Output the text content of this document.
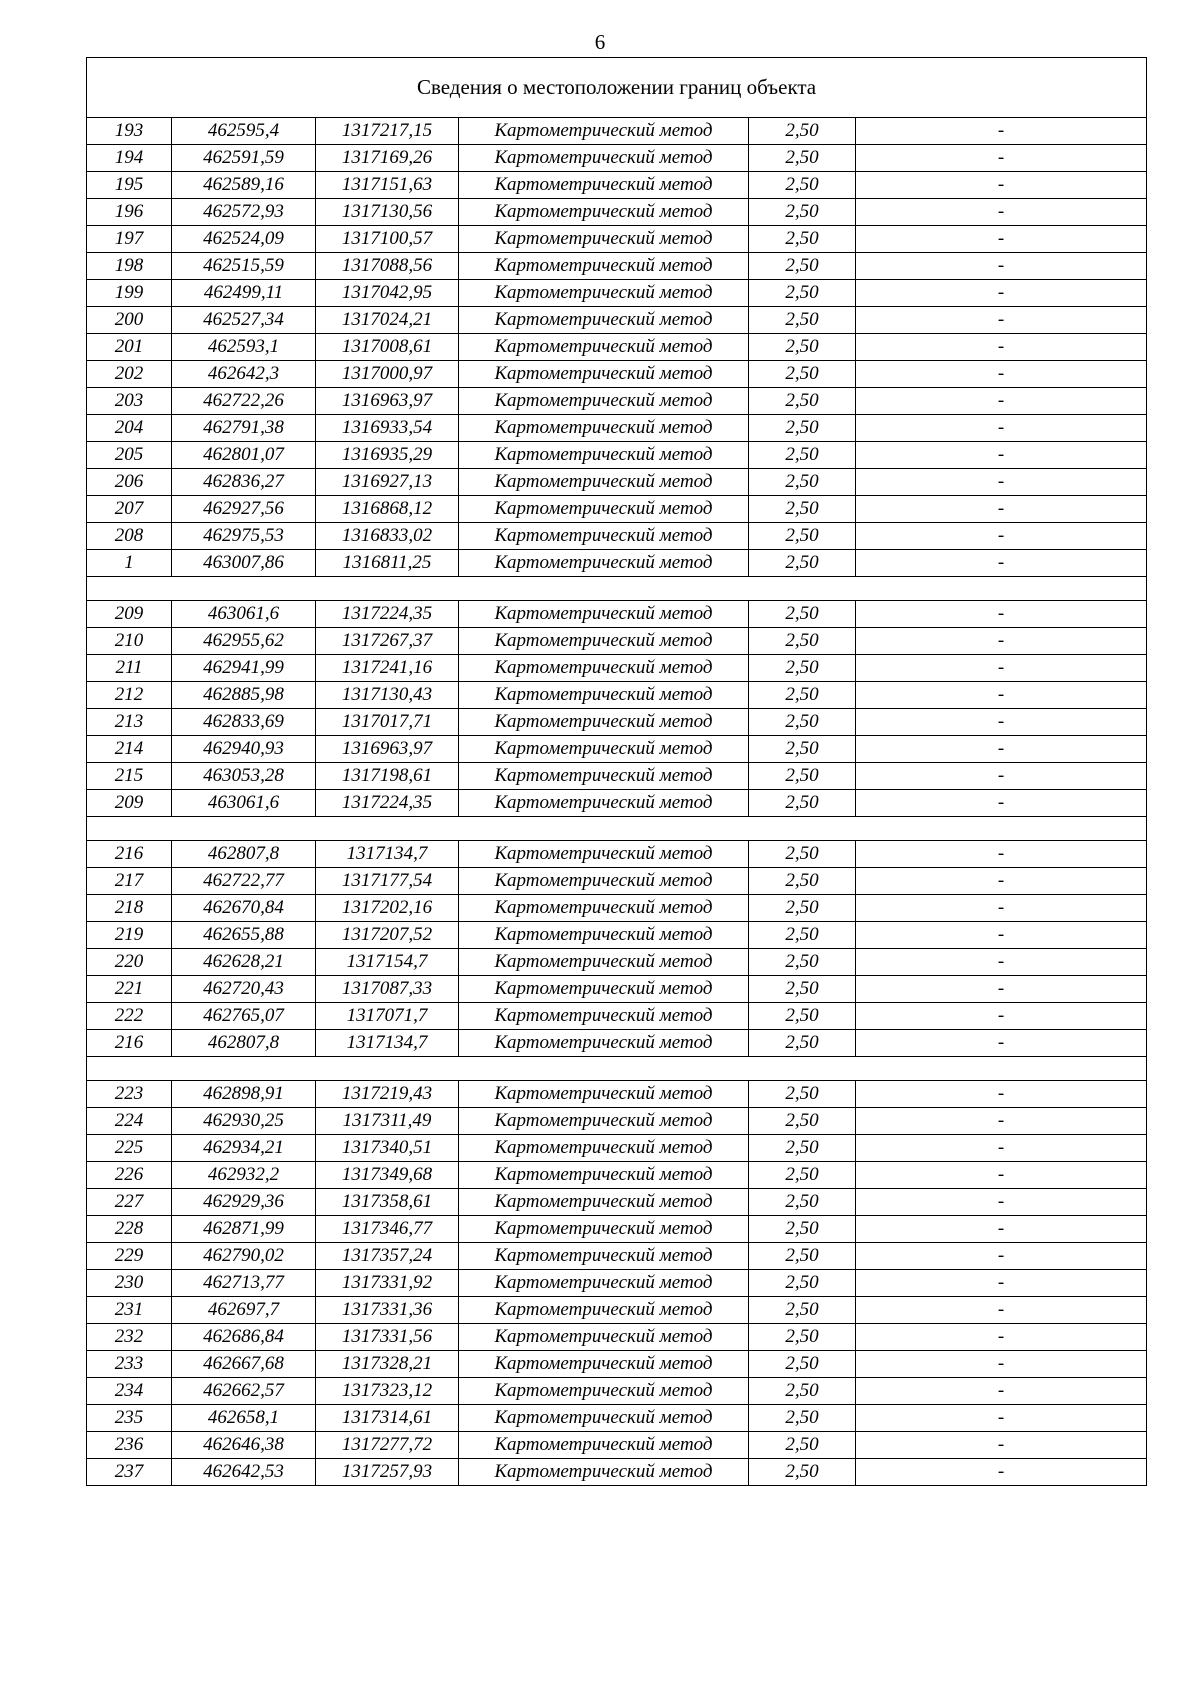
6
Сведения о местоположении границ объекта					
193	462595,4	1317217,15	Картометрический метод	2,50	-
194	462591,59	1317169,26	Картометрический метод	2,50	-
195	462589,16	1317151,63	Картометрический метод	2,50	-
196	462572,93	1317130,56	Картометрический метод	2,50	-
197	462524,09	1317100,57	Картометрический метод	2,50	-
198	462515,59	1317088,56	Картометрический метод	2,50	-
199	462499,11	1317042,95	Картометрический метод	2,50	-
200	462527,34	1317024,21	Картометрический метод	2,50	-
201	462593,1	1317008,61	Картометрический метод	2,50	-
202	462642,3	1317000,97	Картометрический метод	2,50	-
203	462722,26	1316963,97	Картометрический метод	2,50	-
204	462791,38	1316933,54	Картометрический метод	2,50	-
205	462801,07	1316935,29	Картометрический метод	2,50	-
206	462836,27	1316927,13	Картометрический метод	2,50	-
207	462927,56	1316868,12	Картометрический метод	2,50	-
208	462975,53	1316833,02	Картометрический метод	2,50	-
1	463007,86	1316811,25	Картометрический метод	2,50	-

209	463061,6	1317224,35	Картометрический метод	2,50	-
210	462955,62	1317267,37	Картометрический метод	2,50	-
211	462941,99	1317241,16	Картометрический метод	2,50	-
212	462885,98	1317130,43	Картометрический метод	2,50	-
213	462833,69	1317017,71	Картометрический метод	2,50	-
214	462940,93	1316963,97	Картометрический метод	2,50	-
215	463053,28	1317198,61	Картометрический метод	2,50	-
209	463061,6	1317224,35	Картометрический метод	2,50	-

216	462807,8	1317134,7	Картометрический метод	2,50	-
217	462722,77	1317177,54	Картометрический метод	2,50	-
218	462670,84	1317202,16	Картометрический метод	2,50	-
219	462655,88	1317207,52	Картометрический метод	2,50	-
220	462628,21	1317154,7	Картометрический метод	2,50	-
221	462720,43	1317087,33	Картометрический метод	2,50	-
222	462765,07	1317071,7	Картометрический метод	2,50	-
216	462807,8	1317134,7	Картометрический метод	2,50	-

223	462898,91	1317219,43	Картометрический метод	2,50	-
224	462930,25	1317311,49	Картометрический метод	2,50	-
225	462934,21	1317340,51	Картометрический метод	2,50	-
226	462932,2	1317349,68	Картометрический метод	2,50	-
227	462929,36	1317358,61	Картометрический метод	2,50	-
228	462871,99	1317346,77	Картометрический метод	2,50	-
229	462790,02	1317357,24	Картометрический метод	2,50	-
230	462713,77	1317331,92	Картометрический метод	2,50	-
231	462697,7	1317331,36	Картометрический метод	2,50	-
232	462686,84	1317331,56	Картометрический метод	2,50	-
233	462667,68	1317328,21	Картометрический метод	2,50	-
234	462662,57	1317323,12	Картометрический метод	2,50	-
235	462658,1	1317314,61	Картометрический метод	2,50	-
236	462646,38	1317277,72	Картометрический метод	2,50	-
237	462642,53	1317257,93	Картометрический метод	2,50	-
